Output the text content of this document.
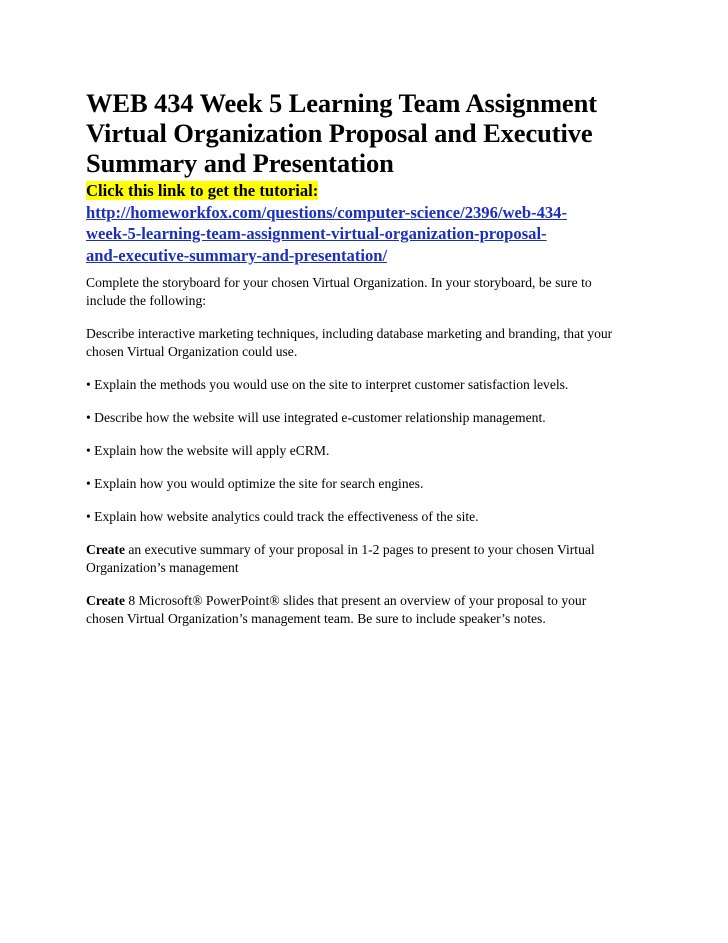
WEB 434 Week 5 Learning Team Assignment
Virtual Organization Proposal and Executive
Summary and Presentation
Click this link to get the tutorial:
http://homeworkfox.com/questions/computer-science/2396/web-434-
week-5-learning-team-assignment-virtual-organization-proposal-
and-executive-summary-and-presentation/

Complete the storyboard for your chosen Virtual Organization. In your storyboard, be sure to
include the following:

Describe interactive marketing techniques, including database marketing and branding, that your
chosen Virtual Organization could use.

• Explain the methods you would use on the site to interpret customer satisfaction levels.

• Describe how the website will use integrated e-customer relationship management.

• Explain how the website will apply eCRM.

• Explain how you would optimize the site for search engines.

• Explain how website analytics could track the effectiveness of the site.

Create an executive summary of your proposal in 1-2 pages to present to your chosen Virtual
Organization’s management

Create 8 Microsoft® PowerPoint® slides that present an overview of your proposal to your
chosen Virtual Organization’s management team. Be sure to include speaker’s notes.
